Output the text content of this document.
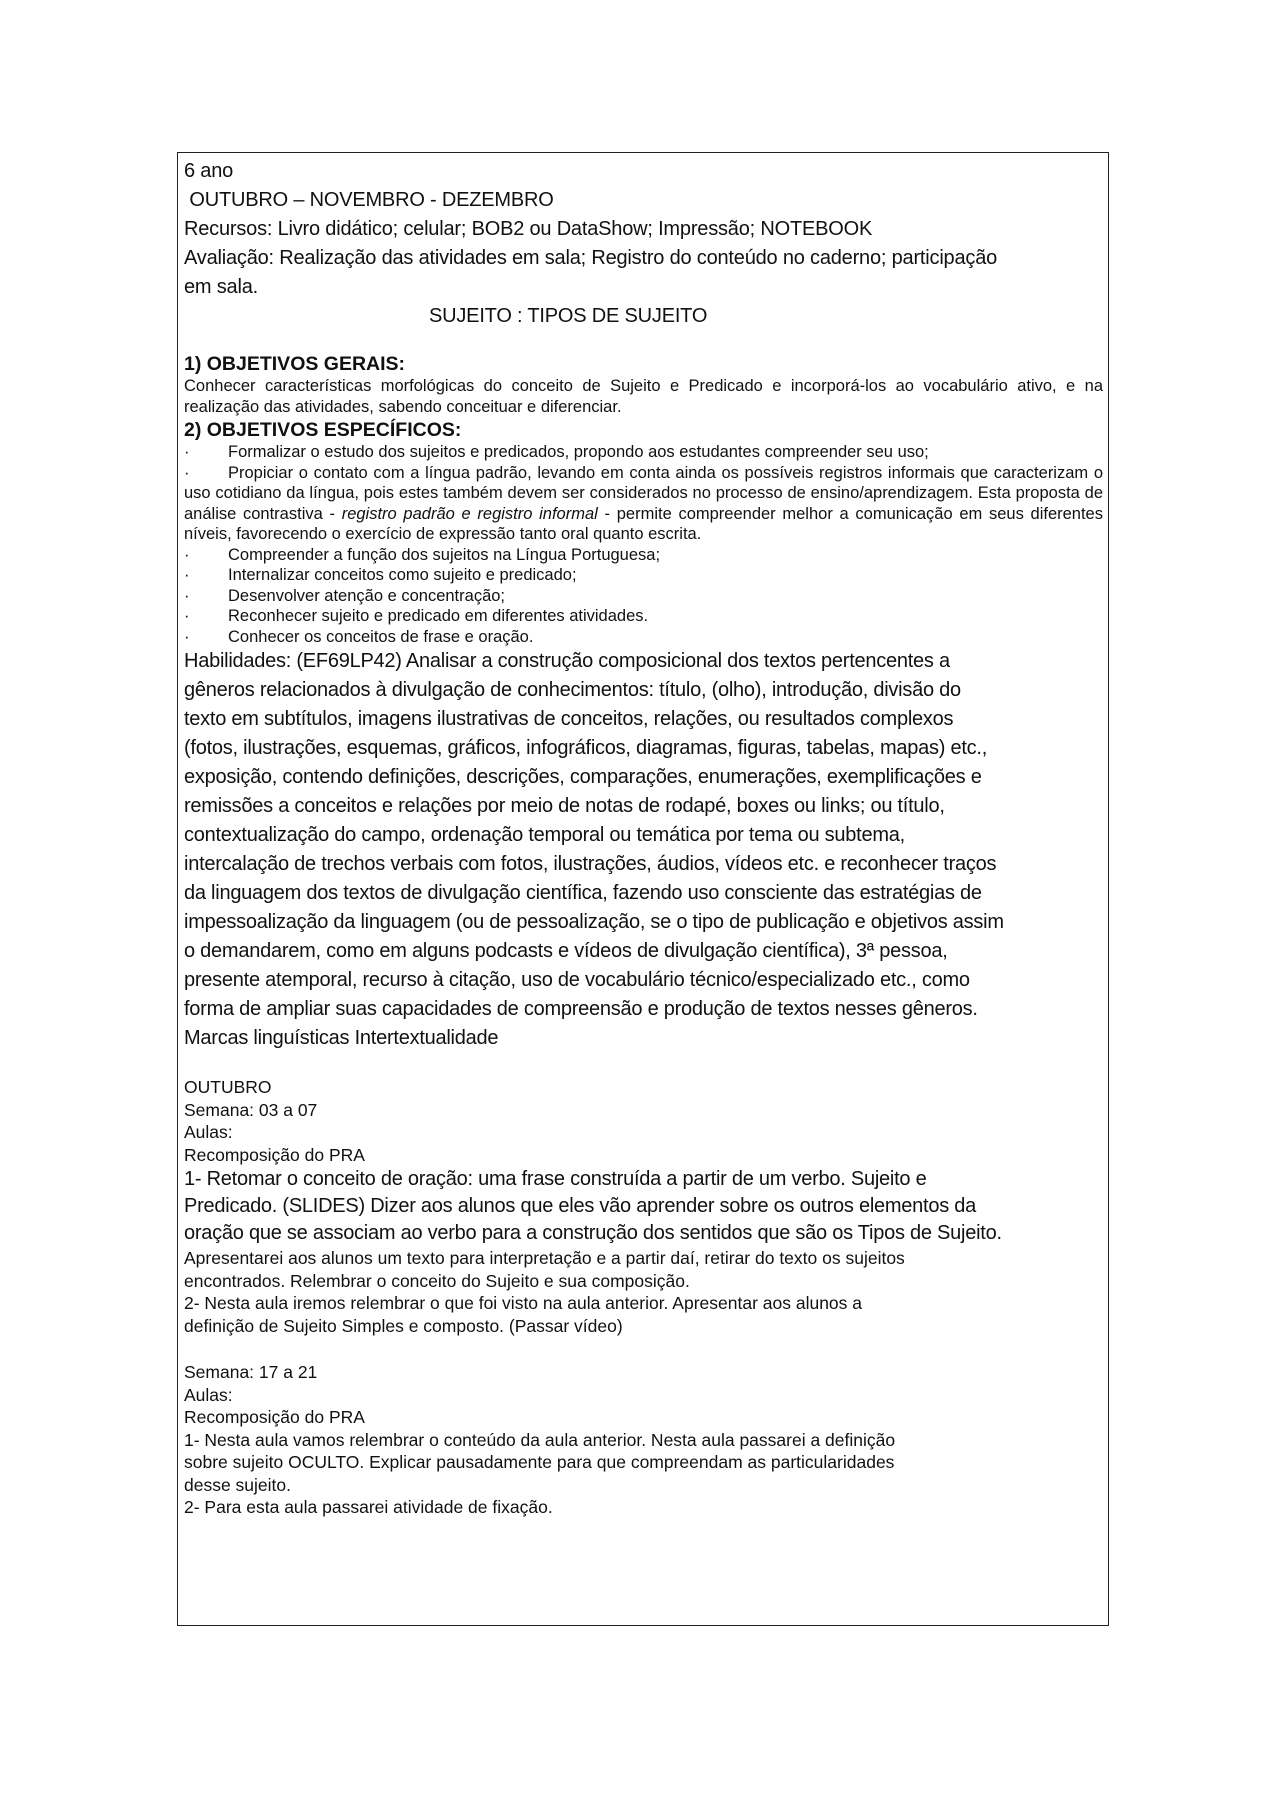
6 ano
OUTUBRO – NOVEMBRO - DEZEMBRO
Recursos: Livro didático; celular; BOB2 ou DataShow; Impressão; NOTEBOOK
Avaliação: Realização das atividades em sala; Registro do conteúdo no caderno; participação
em sala.
SUJEITO : TIPOS DE SUJEITO
1) OBJETIVOS GERAIS:
Conhecer características morfológicas do conceito de Sujeito e Predicado e incorporá-los ao vocabulário ativo, e na realização das atividades, sabendo conceituar e diferenciar.
2) OBJETIVOS ESPECÍFICOS:
·	Formalizar o estudo dos sujeitos e predicados, propondo aos estudantes compreender seu uso;
· Propiciar o contato com a língua padrão, levando em conta ainda os possíveis registros informais que caracterizam o uso cotidiano da língua, pois estes também devem ser considerados no processo de ensino/aprendizagem. Esta proposta de análise contrastiva - registro padrão e registro informal - permite compreender melhor a comunicação em seus diferentes níveis, favorecendo o exercício de expressão tanto oral quanto escrita.
·	Compreender a função dos sujeitos na Língua Portuguesa;
·	Internalizar conceitos como sujeito e predicado;
·	Desenvolver atenção e concentração;
·	Reconhecer sujeito e predicado em diferentes atividades.
·	Conhecer os conceitos de frase e oração.
Habilidades: (EF69LP42) Analisar a construção composicional dos textos pertencentes a
gêneros relacionados à divulgação de conhecimentos: título, (olho), introdução, divisão do
texto em subtítulos, imagens ilustrativas de conceitos, relações, ou resultados complexos
(fotos, ilustrações, esquemas, gráficos, infográficos, diagramas, figuras, tabelas, mapas) etc.,
exposição, contendo definições, descrições, comparações, enumerações, exemplificações e
remissões a conceitos e relações por meio de notas de rodapé, boxes ou links; ou título,
contextualização do campo, ordenação temporal ou temática por tema ou subtema,
intercalação de trechos verbais com fotos, ilustrações, áudios, vídeos etc. e reconhecer traços
da linguagem dos textos de divulgação científica, fazendo uso consciente das estratégias de
impessoalização da linguagem (ou de pessoalização, se o tipo de publicação e objetivos assim
o demandarem, como em alguns podcasts e vídeos de divulgação científica), 3ª pessoa,
presente atemporal, recurso à citação, uso de vocabulário técnico/especializado etc., como
forma de ampliar suas capacidades de compreensão e produção de textos nesses gêneros.
Marcas linguísticas Intertextualidade
OUTUBRO
Semana: 03 a 07
Aulas:
Recomposição do PRA
1- Retomar o conceito de oração: uma frase construída a partir de um verbo. Sujeito e
Predicado. (SLIDES) Dizer aos alunos que eles vão aprender sobre os outros elementos da
oração que se associam ao verbo para a construção dos sentidos que são os Tipos de Sujeito.
Apresentarei aos alunos um texto para interpretação e a partir daí, retirar do texto os sujeitos
encontrados. Relembrar o conceito do Sujeito e sua composição.
2- Nesta aula iremos relembrar o que foi visto na aula anterior. Apresentar aos alunos a
definição de Sujeito Simples e composto. (Passar vídeo)
Semana: 17 a 21
Aulas:
Recomposição do PRA
1- Nesta aula vamos relembrar o conteúdo da aula anterior. Nesta aula passarei a definição
sobre sujeito OCULTO. Explicar pausadamente para que compreendam as particularidades
desse sujeito.
2- Para esta aula passarei atividade de fixação.
